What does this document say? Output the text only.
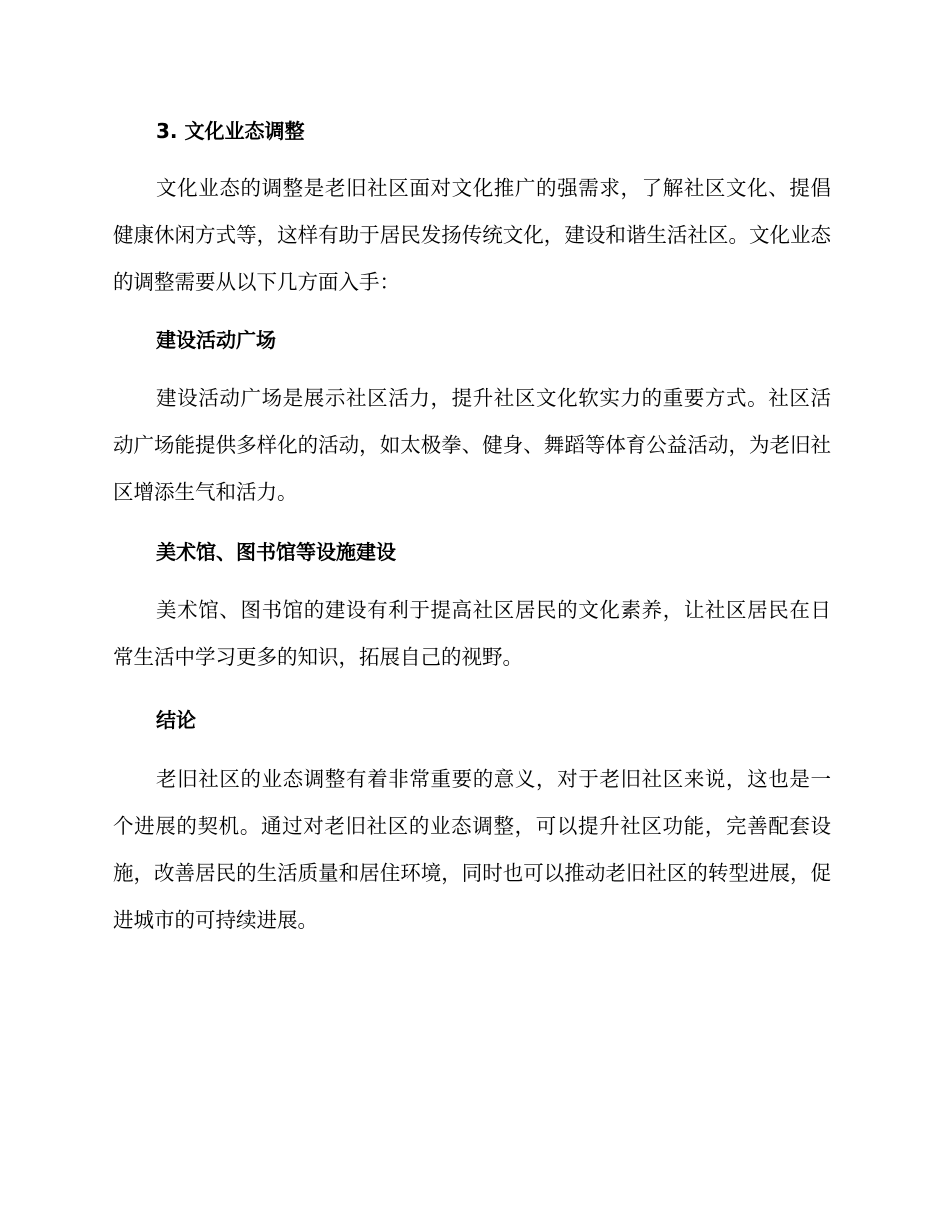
3. 文化业态调整

文化业态的调整是老旧社区面对文化推广的强需求，了解社区文化、提倡健康休闲方式等，这样有助于居民发扬传统文化，建设和谐生活社区。文化业态的调整需要从以下几方面入手：

建设活动广场

建设活动广场是展示社区活力，提升社区文化软实力的重要方式。社区活动广场能提供多样化的活动，如太极拳、健身、舞蹈等体育公益活动，为老旧社区增添生气和活力。

美术馆、图书馆等设施建设

美术馆、图书馆的建设有利于提高社区居民的文化素养，让社区居民在日常生活中学习更多的知识，拓展自己的视野。

结论

老旧社区的业态调整有着非常重要的意义，对于老旧社区来说，这也是一个进展的契机。通过对老旧社区的业态调整，可以提升社区功能，完善配套设施，改善居民的生活质量和居住环境，同时也可以推动老旧社区的转型进展，促进城市的可持续进展。
